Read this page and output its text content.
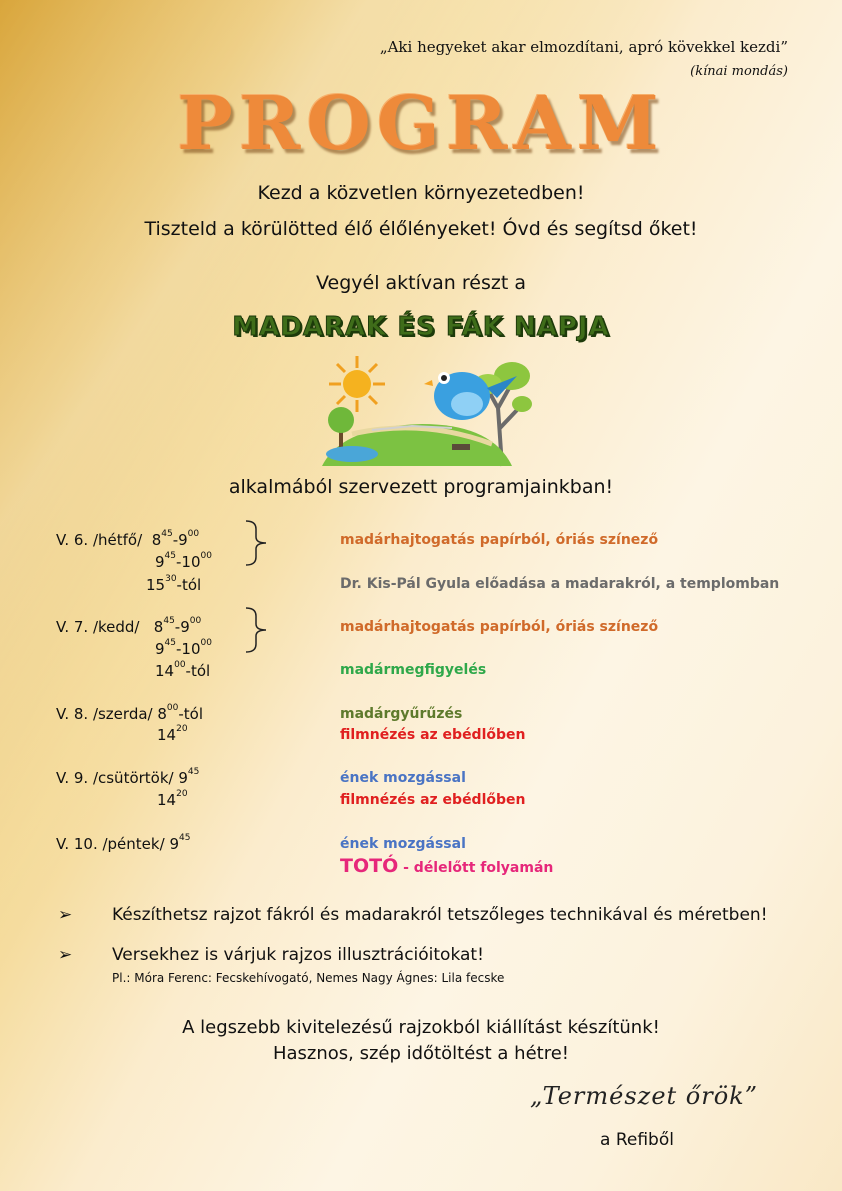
„Aki hegyeket akar elmozdítani, apró kövekkel kezdi”
(kínai mondás)
PROGRAM
Kezd a közvetlen környezetedben!
Tiszteld a körülötted élő élőlényeket! Óvd és segítsd őket!
Vegyél aktívan részt a
MADARAK ÉS FÁK NAPJA
alkalmából szervezett programjainkban!
V. 6. /hétfő/ $8^{45}-9^{00}$
$9^{45}-10^{00}$
$15^{30}$-tól
madárhajtogatás papírból, óriás színező
Dr. Kis-Pál Gyula előadása a madarakról, a templomban
V. 7. /kedd/ $8^{45}-9^{00}$
$9^{45}-10^{00}$
$14^{00}$-tól
madárhajtogatás papírból, óriás színező
madármegfigyelés
V. 8. /szerda/ $8^{00}$-tól
$14^{20}$
madárgyűrűzés
filmnézés az ebédlőben
V. 9. /csütörtök/ $9^{45}$
$14^{20}$
ének mozgással
filmnézés az ebédlőben
V. 10. /péntek/ $9^{45}$	ének mozgással
TOTÓ - délelőtt folyamán
➢ Készíthetsz rajzot fákról és madarakról tetszőleges technikával és méretben!
➢ Versekhez is várjuk rajzos illusztrációitokat!
Pl.: Móra Ferenc: Fecskehívogató, Nemes Nagy Ágnes: Lila fecske
A legszebb kivitelezésű rajzokból kiállítást készítünk!
Hasznos, szép időtöltést a hétre!
„Természet őrök”
a Refiből
